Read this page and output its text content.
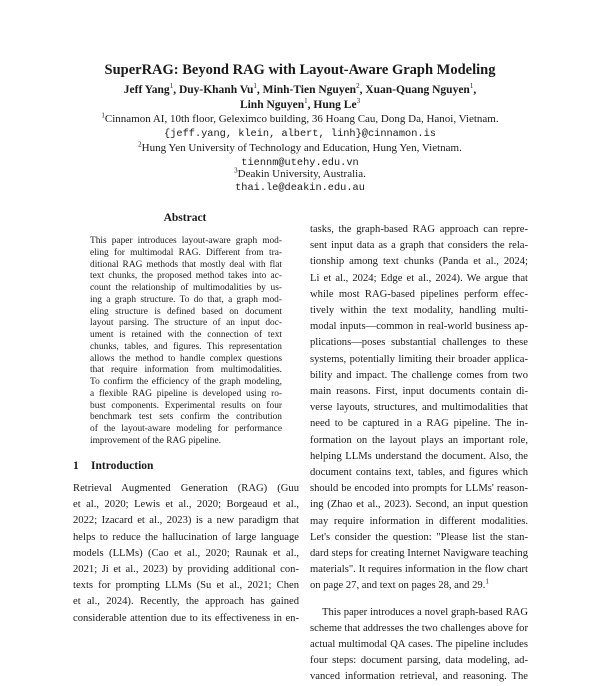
SuperRAG: Beyond RAG with Layout-Aware Graph Modeling
Jeff Yang$^1$, Duy-Khanh Vu$^1$, Minh-Tien Nguyen$^2$, Xuan-Quang Nguyen$^1$,
Linh Nguyen$^1$, Hung Le$^3$
$^1$Cinnamon AI, 10th floor, Geleximco building, 36 Hoang Cau, Dong Da, Hanoi, Vietnam.
{jeff.yang, klein, albert, linh}@cinnamon.is
$^2$Hung Yen University of Technology and Education, Hung Yen, Vietnam.
tiennm@utehy.edu.vn
$^3$Deakin University, Australia.
thai.le@deakin.edu.au
Abstract
This paper introduces layout-aware graph mod-
eling for multimodal RAG. Different from tra-
ditional RAG methods that mostly deal with flat
text chunks, the proposed method takes into ac-
count the relationship of multimodalities by us-
ing a graph structure. To do that, a graph mod-
eling structure is defined based on document
layout parsing. The structure of an input doc-
ument is retained with the connection of text
chunks, tables, and figures. This representation
allows the method to handle complex questions
that require information from multimodalities.
To confirm the efficiency of the graph modeling,
a flexible RAG pipeline is developed using ro-
bust components. Experimental results on four
benchmark test sets confirm the contribution
of the layout-aware modeling for performance
improvement of the RAG pipeline.
1 Introduction
Retrieval Augmented Generation (RAG) (Guu
et al., 2020; Lewis et al., 2020; Borgeaud et al.,
2022; Izacard et al., 2023) is a new paradigm that
helps to reduce the hallucination of large language
models (LLMs) (Cao et al., 2020; Raunak et al.,
2021; Ji et al., 2023) by providing additional con-
texts for prompting LLMs (Su et al., 2021; Chen
et al., 2024). Recently, the approach has gained
considerable attention due to its effectiveness in en-
tasks, the graph-based RAG approach can repre-
sent input data as a graph that considers the rela-
tionship among text chunks (Panda et al., 2024;
Li et al., 2024; Edge et al., 2024). We argue that
while most RAG-based pipelines perform effec-
tively within the text modality, handling multi-
modal inputs—common in real-world business ap-
plications—poses substantial challenges to these
systems, potentially limiting their broader applica-
bility and impact. The challenge comes from two
main reasons. First, input documents contain di-
verse layouts, structures, and multimodalities that
need to be captured in a RAG pipeline. The in-
formation on the layout plays an important role,
helping LLMs understand the document. Also, the
document contains text, tables, and figures which
should be encoded into prompts for LLMs' reason-
ing (Zhao et al., 2023). Second, an input question
may require information in different modalities.
Let's consider the question: "Please list the stan-
dard steps for creating Internet Navigware teaching
materials". It requires information in the flow chart
on page 27, and text on pages 28, and 29.$^1$
This paper introduces a novel graph-based RAG
scheme that addresses the two challenges above for
actual multimodal QA cases. The pipeline includes
four steps: document parsing, data modeling, ad-
vanced information retrieval, and reasoning. The
